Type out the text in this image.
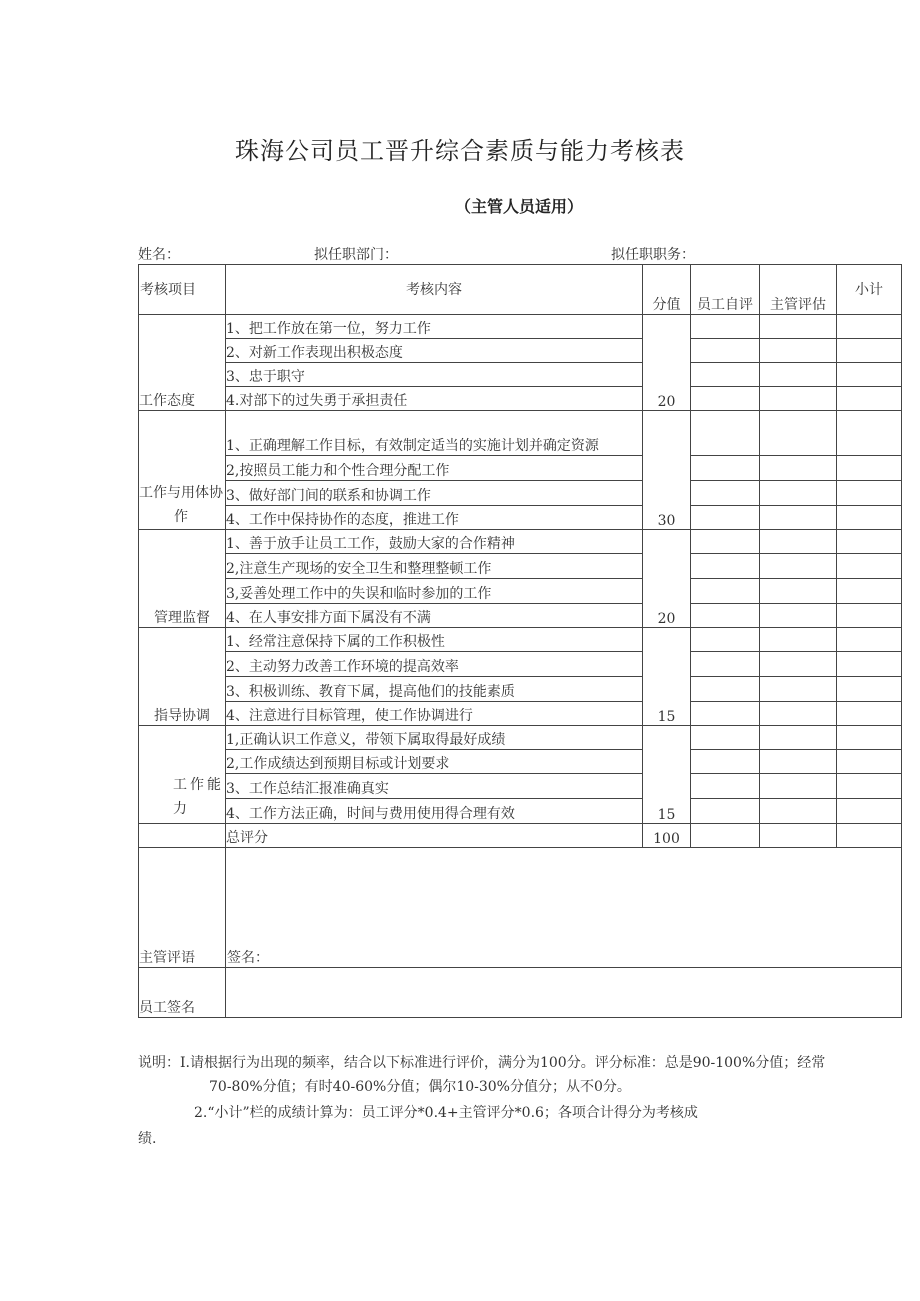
珠海公司员工晋升综合素质与能力考核表
（主管人员适用）
姓名：	拟任职部门：	拟任职职务：
考核项目	考核内容	分值	员工自评	主管评估	小计
工作态度	1、把工作放在第一位，努力工作	20			
	2、对新工作表现出积极态度				
	3、忠于职守				
	4.对部下的过失勇于承担责任				

工作与用体协作	1、正确理解工作目标，有效制定适当的实施计划并确定资源	30			
	2,按照员工能力和个性合理分配工作				
	3、做好部门间的联系和协调工作				
	4、工作中保持协作的态度，推进工作				
管理监督	1、善于放手让员工工作，鼓励大家的合作精神	20			
	2,注意生产现场的安全卫生和整理整顿工作				
	3,妥善处理工作中的失误和临时参加的工作				
	4、在人事安排方面下属没有不满				
指导协调	1、经常注意保持下属的工作积极性	15			
	2、主动努力改善工作环境的提高效率				
	3、积极训练、教育下属，提高他们的技能素质				
	4、注意进行目标管理，使工作协调进行				

工作能力	1,正确认识工作意义，带领下属取得最好成绩	15			
	2,工作成绩达到预期目标或计划要求				
	3、工作总结汇报准确真实				
	4、工作方法正确，时间与费用使用得合理有效				
	总评分	100			
主管评语	签名：				
员工签名					
说明：I.请根据行为出现的频率，结合以下标准进行评价，满分为100分。评分标准：总是90-100%分值；经常
70-80%分值；有时40-60%分值；偶尔10-30%分值分；从不0分。
2.“小计”栏的成绩计算为：员工评分*0.4+主管评分*0.6；各项合计得分为考核成
绩.
